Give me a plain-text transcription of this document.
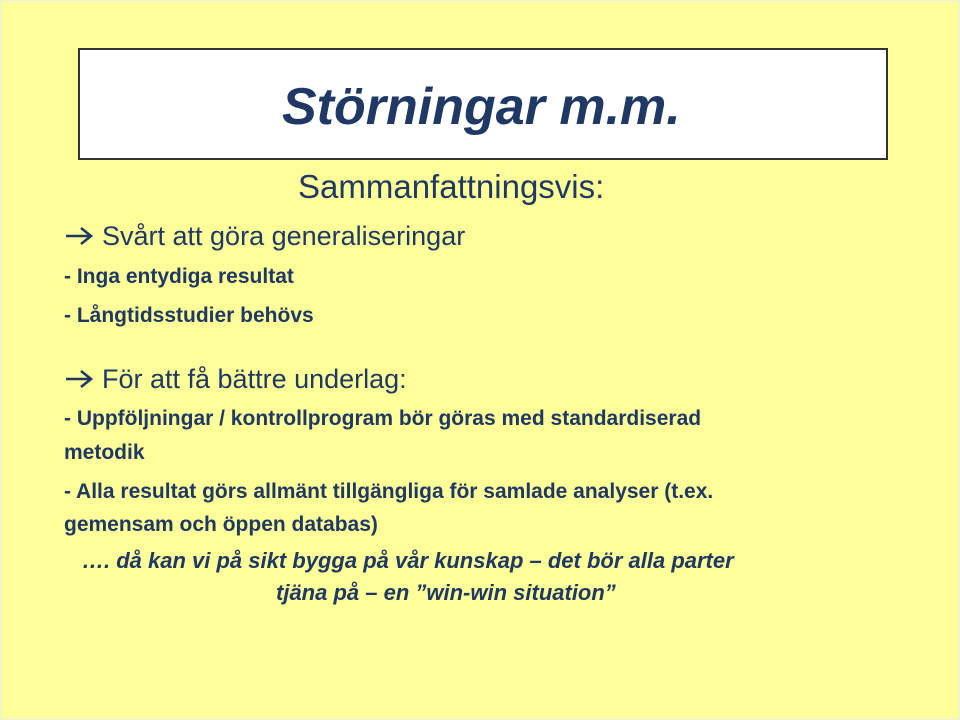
Störningar m.m.
Sammanfattningsvis:
Svårt att göra generaliseringar
- Inga entydiga resultat
- Långtidsstudier behövs
För att få bättre underlag:
- Uppföljningar / kontrollprogram bör göras med standardiserad
metodik
- Alla resultat görs allmänt tillgängliga för samlade analyser (t.ex.
gemensam och öppen databas)
…. då kan vi på sikt bygga på vår kunskap – det bör alla parter
tjäna på – en ”win-win situation”
